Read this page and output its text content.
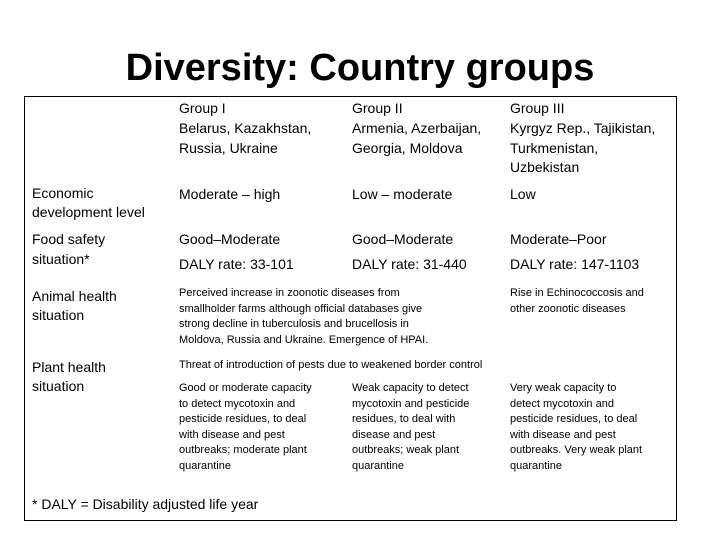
Diversity: Country groups
Group I
Belarus, Kazakhstan,
Russia, Ukraine
Group II
Armenia, Azerbaijan,
Georgia, Moldova
Group III
Kyrgyz Rep., Tajikistan,
Turkmenistan,
Uzbekistan
Economic
development level
Moderate – high	Low – moderate	Low
Food safety
situation*
Good–Moderate
DALY rate: 33-101
Good–Moderate
DALY rate: 31-440
Moderate–Poor
DALY rate: 147-1103
Animal health
situation
Perceived increase in zoonotic diseases from
smallholder farms although official databases give
strong decline in tuberculosis and brucellosis in
Moldova, Russia and Ukraine. Emergence of HPAI.
Rise in Echinococcosis and
other zoonotic diseases
Plant health
situation
Threat of introduction of pests due to weakened border control
Good or moderate capacity
to detect mycotoxin and
pesticide residues, to deal
with disease and pest
outbreaks; moderate plant
quarantine
Weak capacity to detect
mycotoxin and pesticide
residues, to deal with
disease and pest
outbreaks; weak plant
quarantine
Very weak capacity to
detect mycotoxin and
pesticide residues, to deal
with disease and pest
outbreaks. Very weak plant
quarantine
* DALY = Disability adjusted life year
